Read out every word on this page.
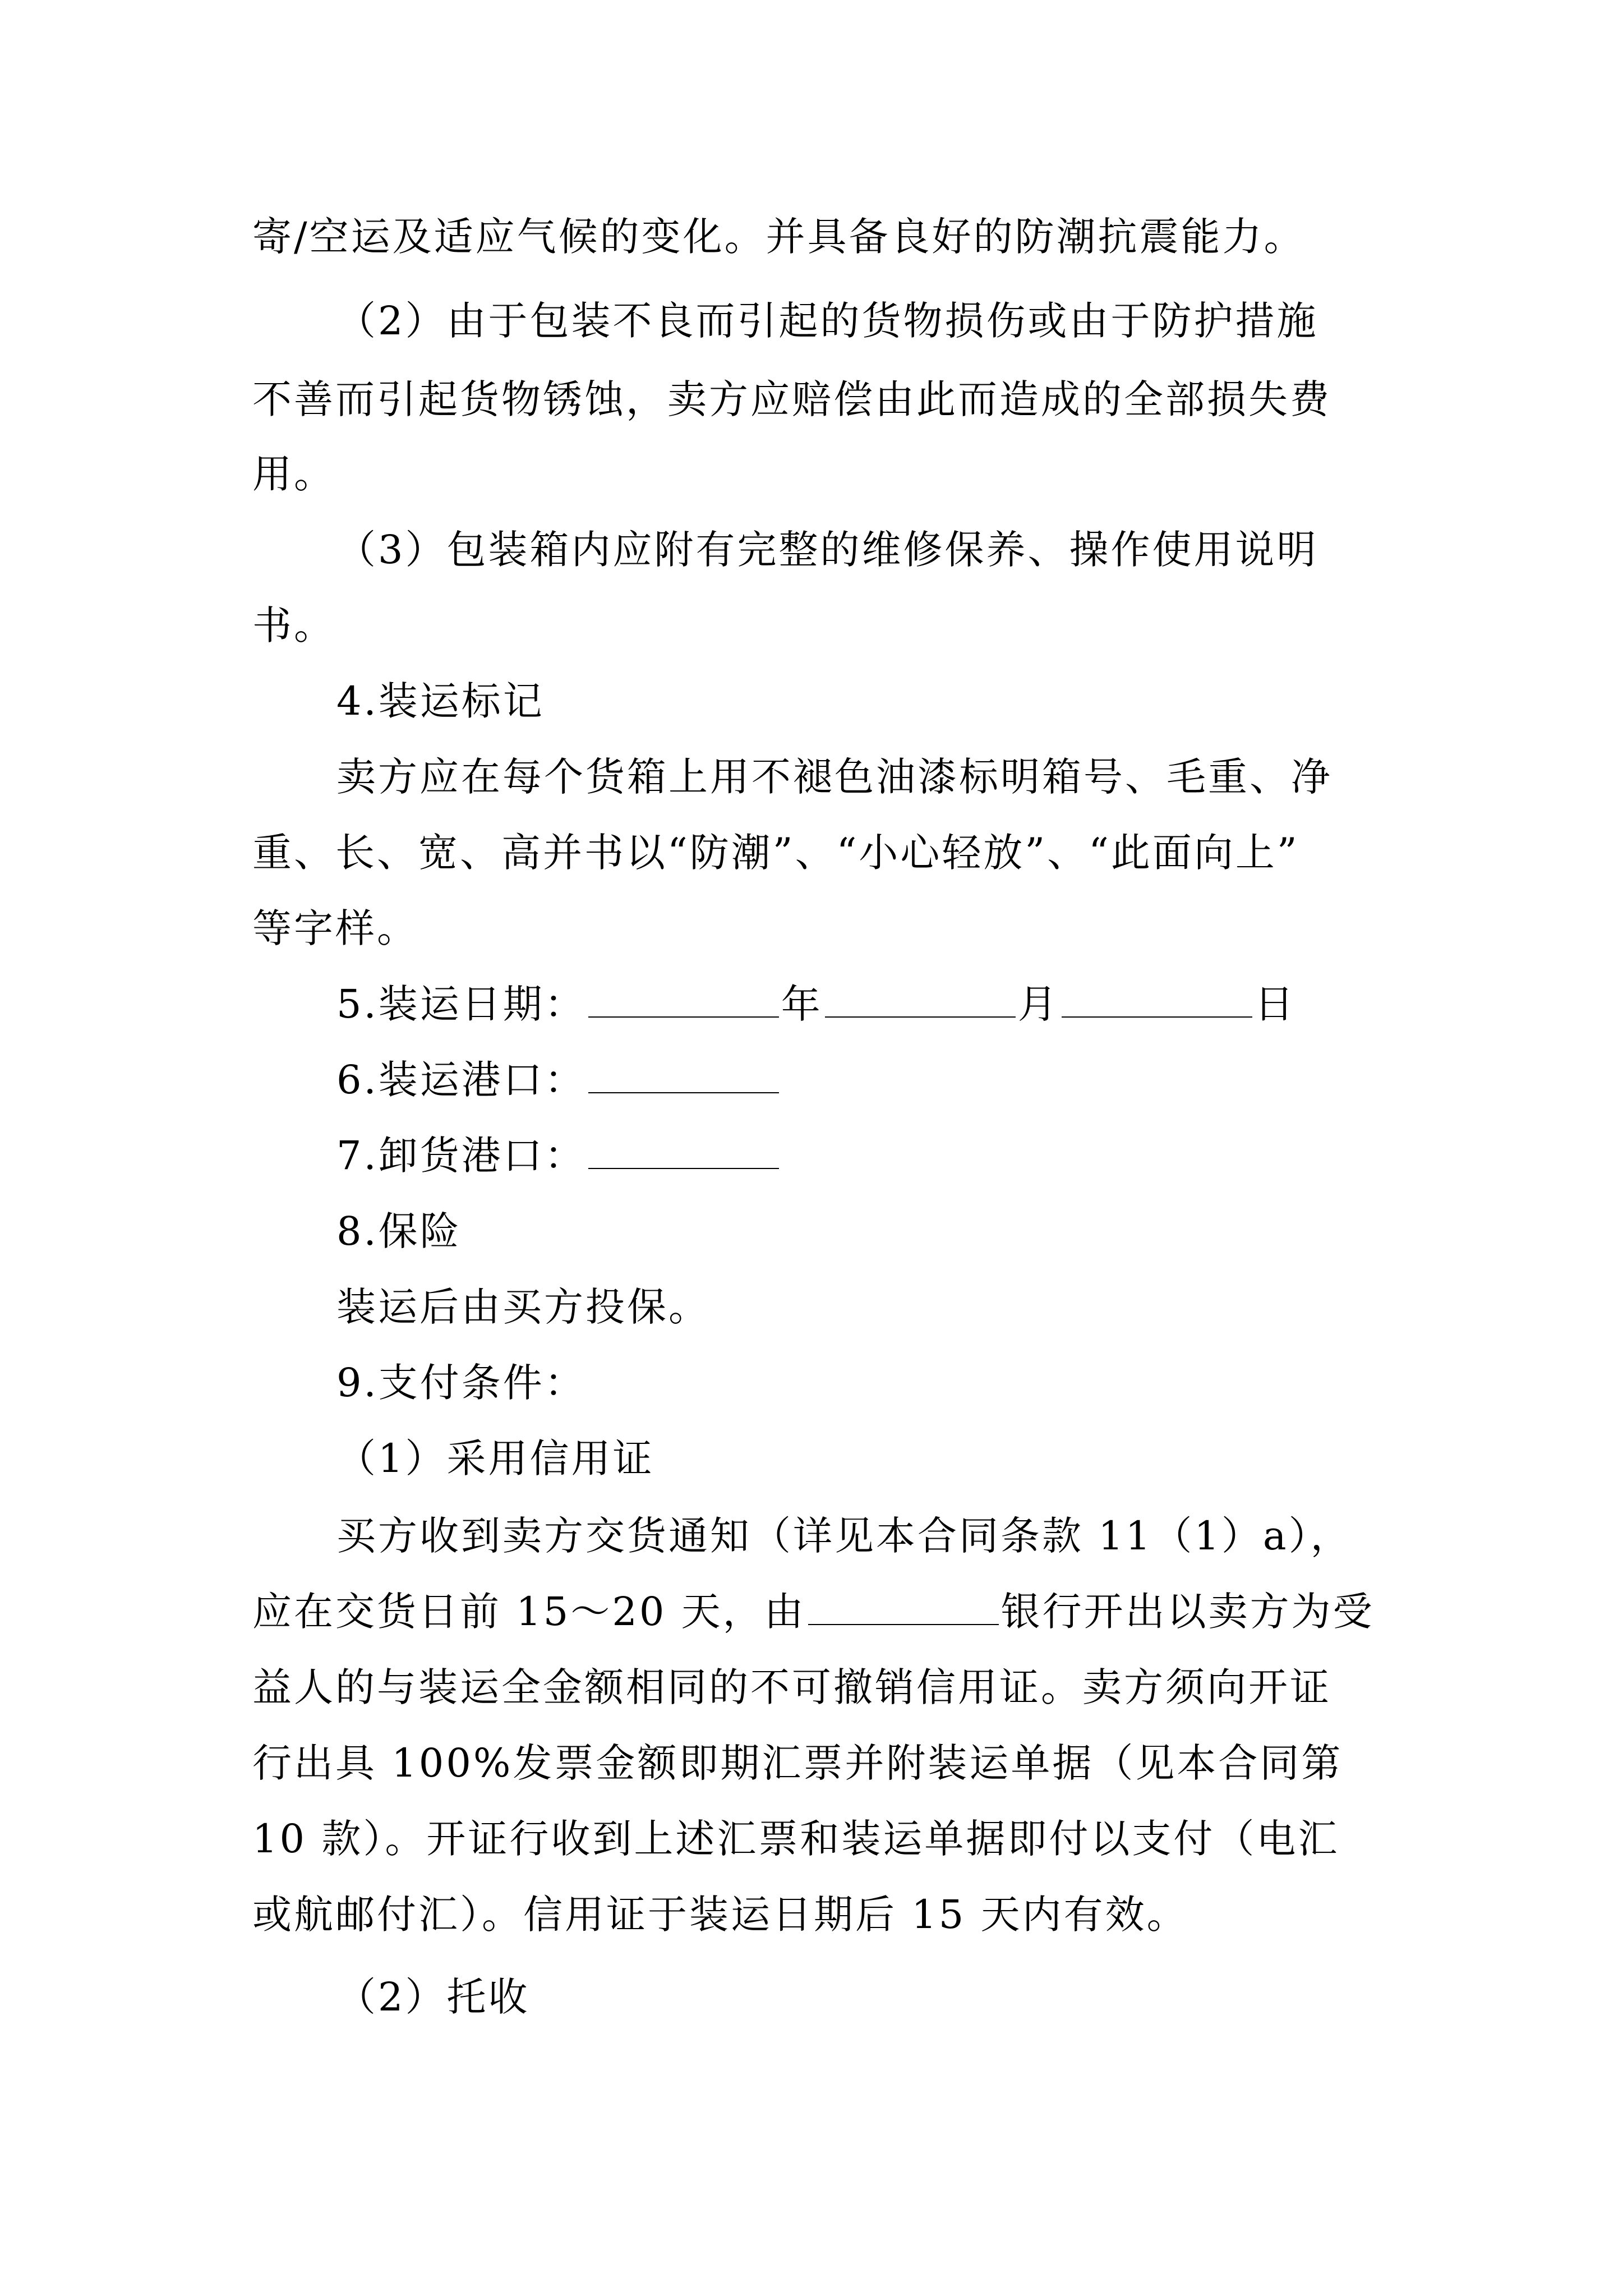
寄/空运及适应气候的变化。并具备良好的防潮抗震能力。
（2）由于包装不良而引起的货物损伤或由于防护措施
不善而引起货物锈蚀，卖方应赔偿由此而造成的全部损失费
用。
（3）包装箱内应附有完整的维修保养、操作使用说明
书。
4.装运标记
卖方应在每个货箱上用不褪色油漆标明箱号、毛重、净
重、长、宽、高并书以“防潮”、“小心轻放”、“此面向上”
等字样。
5.装运日期：	年	月	日
6.装运港口：
7.卸货港口：
8.保险
装运后由买方投保。
9.支付条件：
（1）采用信用证
买方收到卖方交货通知（详见本合同条款 11（1）a），
应在交货日前 15～20 天，由	银行开出以卖方为受
益人的与装运全金额相同的不可撤销信用证。卖方须向开证
行出具 100%发票金额即期汇票并附装运单据（见本合同第
10 款）。开证行收到上述汇票和装运单据即付以支付（电汇
或航邮付汇）。信用证于装运日期后 15 天内有效。
（2）托收
